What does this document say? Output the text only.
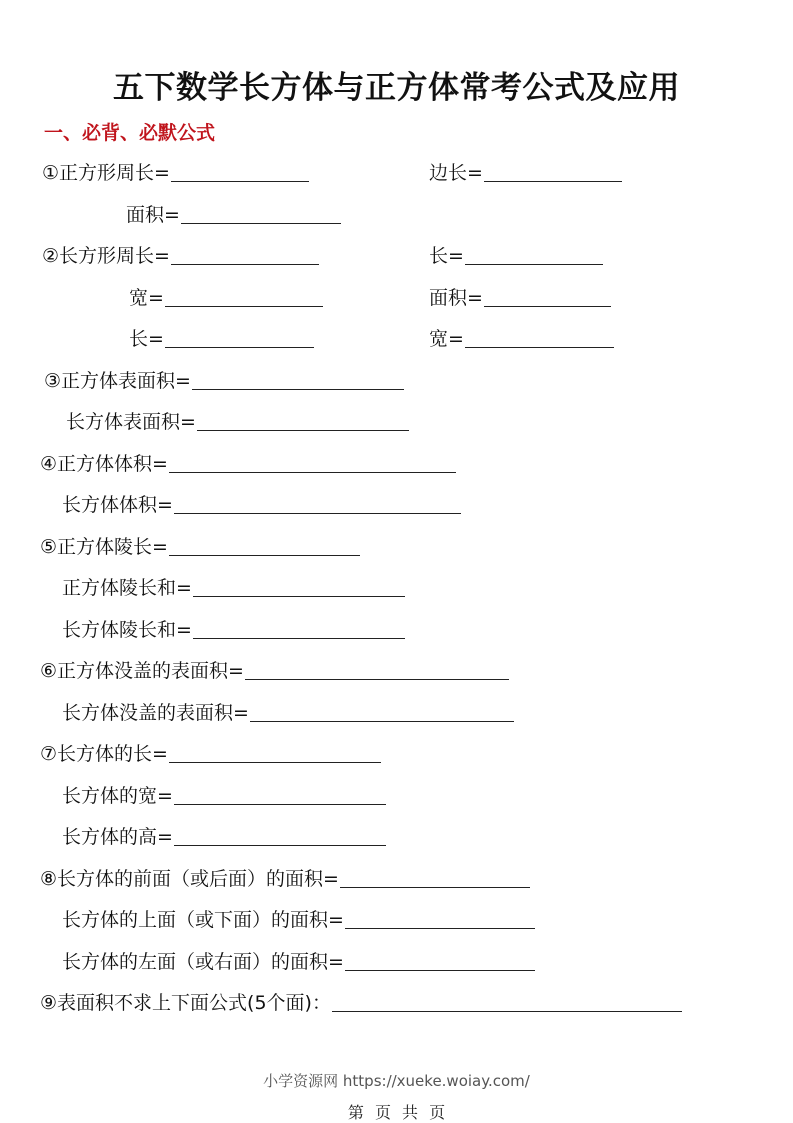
五下数学长方体与正方体常考公式及应用
一、必背、必默公式
①正方形周长=	边长=
面积=
②长方形周长=	长=
宽=	面积=
长=	宽=
③正方体表面积=
长方体表面积=
④正方体体积=
长方体体积=
⑤正方体陵长=
正方体陵长和=
长方体陵长和=
⑥正方体没盖的表面积=
长方体没盖的表面积=
⑦长方体的长=
长方体的宽=
长方体的高=
⑧长方体的前面（或后面）的面积=
长方体的上面（或下面）的面积=
长方体的左面（或右面）的面积=
⑨表面积不求上下面公式(5个面)：
小学资源网 https://xueke.woiay.com/
第 页 共 页
